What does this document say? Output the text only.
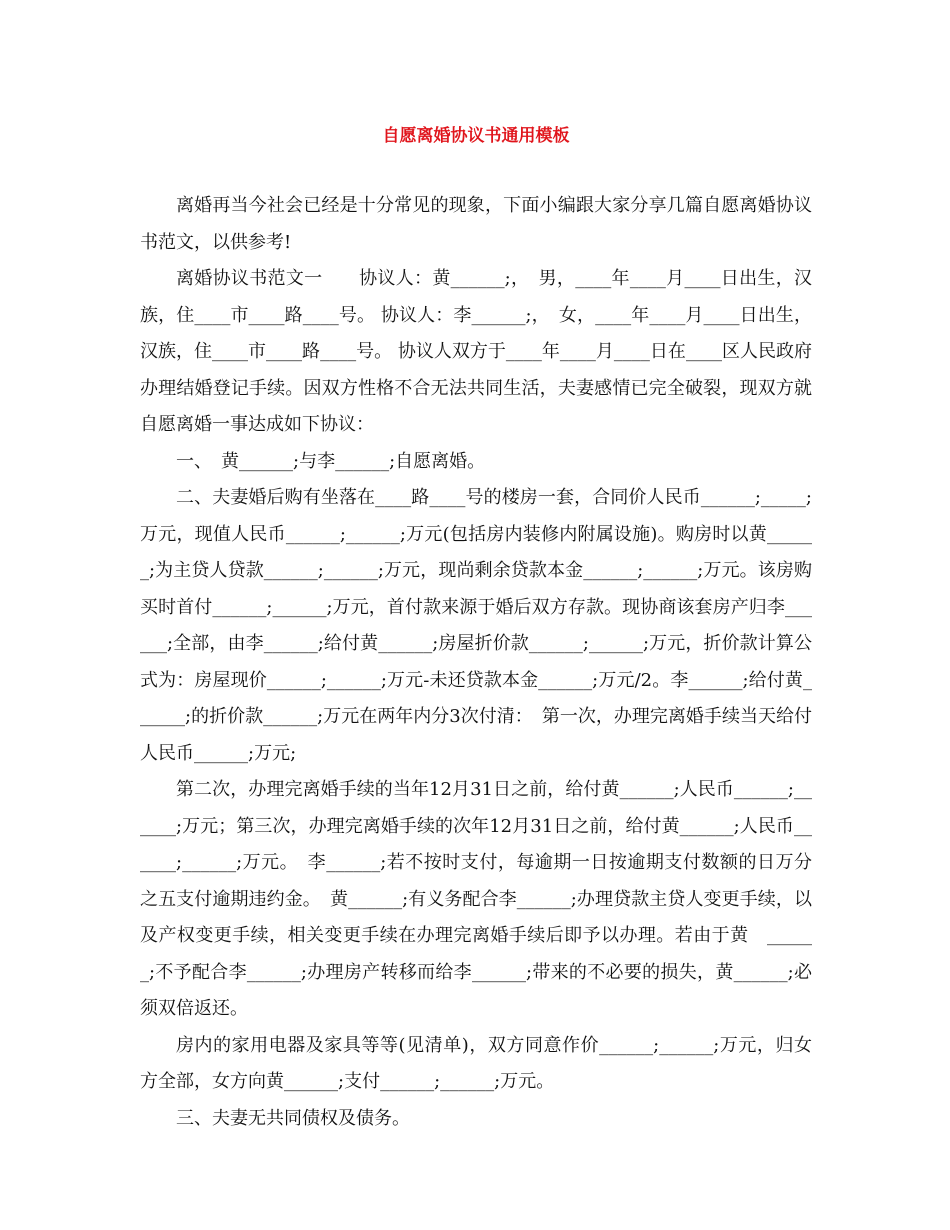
自愿离婚协议书通用模板

离婚再当今社会已经是十分常见的现象，下面小编跟大家分享几篇自愿离婚协议书范文，以供参考!

离婚协议书范文一　　协议人：黄______;，　男，____年____月____日出生，汉族，住____市____路____号。 协议人：李______;，　女，____年____月____日出生，汉族，住____市____路____号。 协议人双方于____年____月____日在____区人民政府办理结婚登记手续。因双方性格不合无法共同生活，夫妻感情已完全破裂，现双方就自愿离婚一事达成如下协议：

一、　黄______;与李______;自愿离婚。

二、夫妻婚后购有坐落在____路____号的楼房一套，合同价人民币______;_____;万元，现值人民币______;______;万元(包括房内装修内附属设施)。购房时以黄______;为主贷人贷款______;______;万元，现尚剩余贷款本金______;______;万元。该房购买时首付______;______;万元，首付款来源于婚后双方存款。现协商该套房产归李______;全部，由李______;给付黄______;房屋折价款______;______;万元，折价款计算公式为：房屋现价______;______;万元-未还贷款本金______;万元/2。李______;给付黄______;的折价款______;万元在两年内分3次付清：　第一次，办理完离婚手续当天给付人民币______;万元;

第二次，办理完离婚手续的当年12月31日之前，给付黄______;人民币______;______;万元；第三次，办理完离婚手续的次年12月31日之前，给付黄______;人民币______;______;万元。　李______;若不按时支付，每逾期一日按逾期支付数额的日万分之五支付逾期违约金。　黄______;有义务配合李______;办理贷款主贷人变更手续，以及产权变更手续，相关变更手续在办理完离婚手续后即予以办理。若由于黄　______;不予配合李______;办理房产转移而给李______;带来的不必要的损失，黄______;必须双倍返还。

房内的家用电器及家具等等(见清单)，双方同意作价______;______;万元，归女方全部，女方向黄______;支付______;______;万元。

三、夫妻无共同债权及债务。
